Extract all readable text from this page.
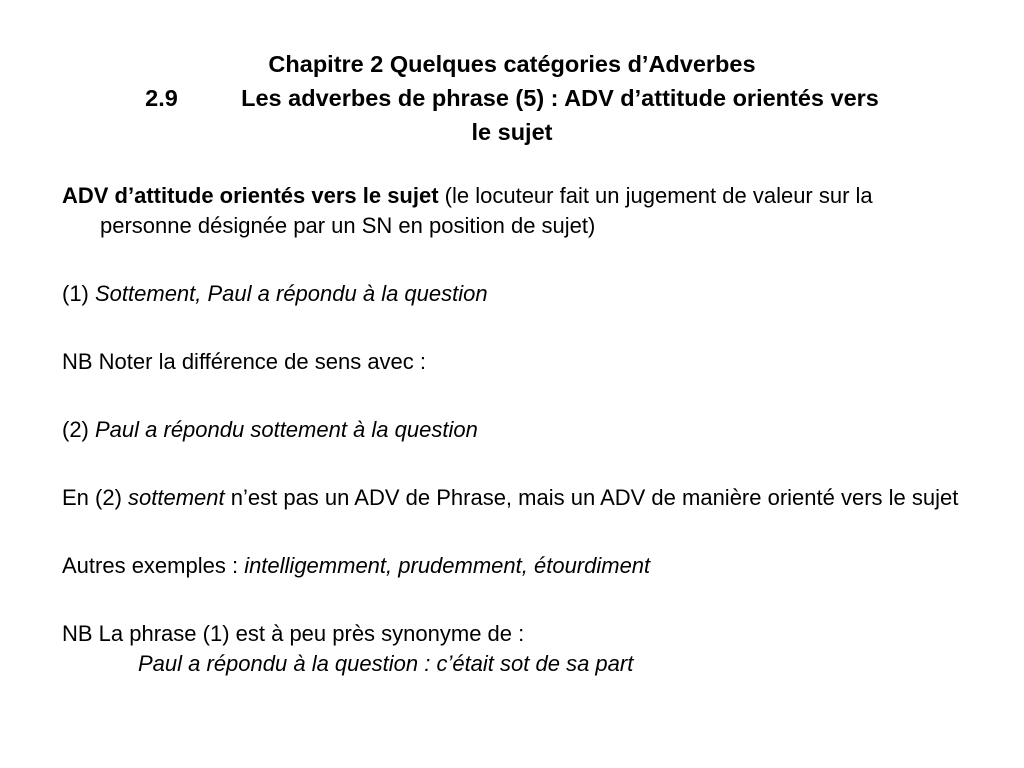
Chapitre 2 Quelques catégories d’Adverbes
2.9	Les adverbes de phrase (5) : ADV d’attitude orientés vers
le sujet

ADV d’attitude orientés vers le sujet (le locuteur fait un jugement de valeur sur la personne désignée par un SN en position de sujet)

(1) Sottement, Paul a répondu à la question

NB Noter la différence de sens avec :

(2) Paul a répondu sottement à la question

En (2) sottement n’est pas un ADV de Phrase, mais un ADV de manière orienté vers le sujet

Autres exemples : intelligemment, prudemment, étourdiment

NB La phrase (1) est à peu près synonyme de :
Paul a répondu à la question : c’était sot de sa part
